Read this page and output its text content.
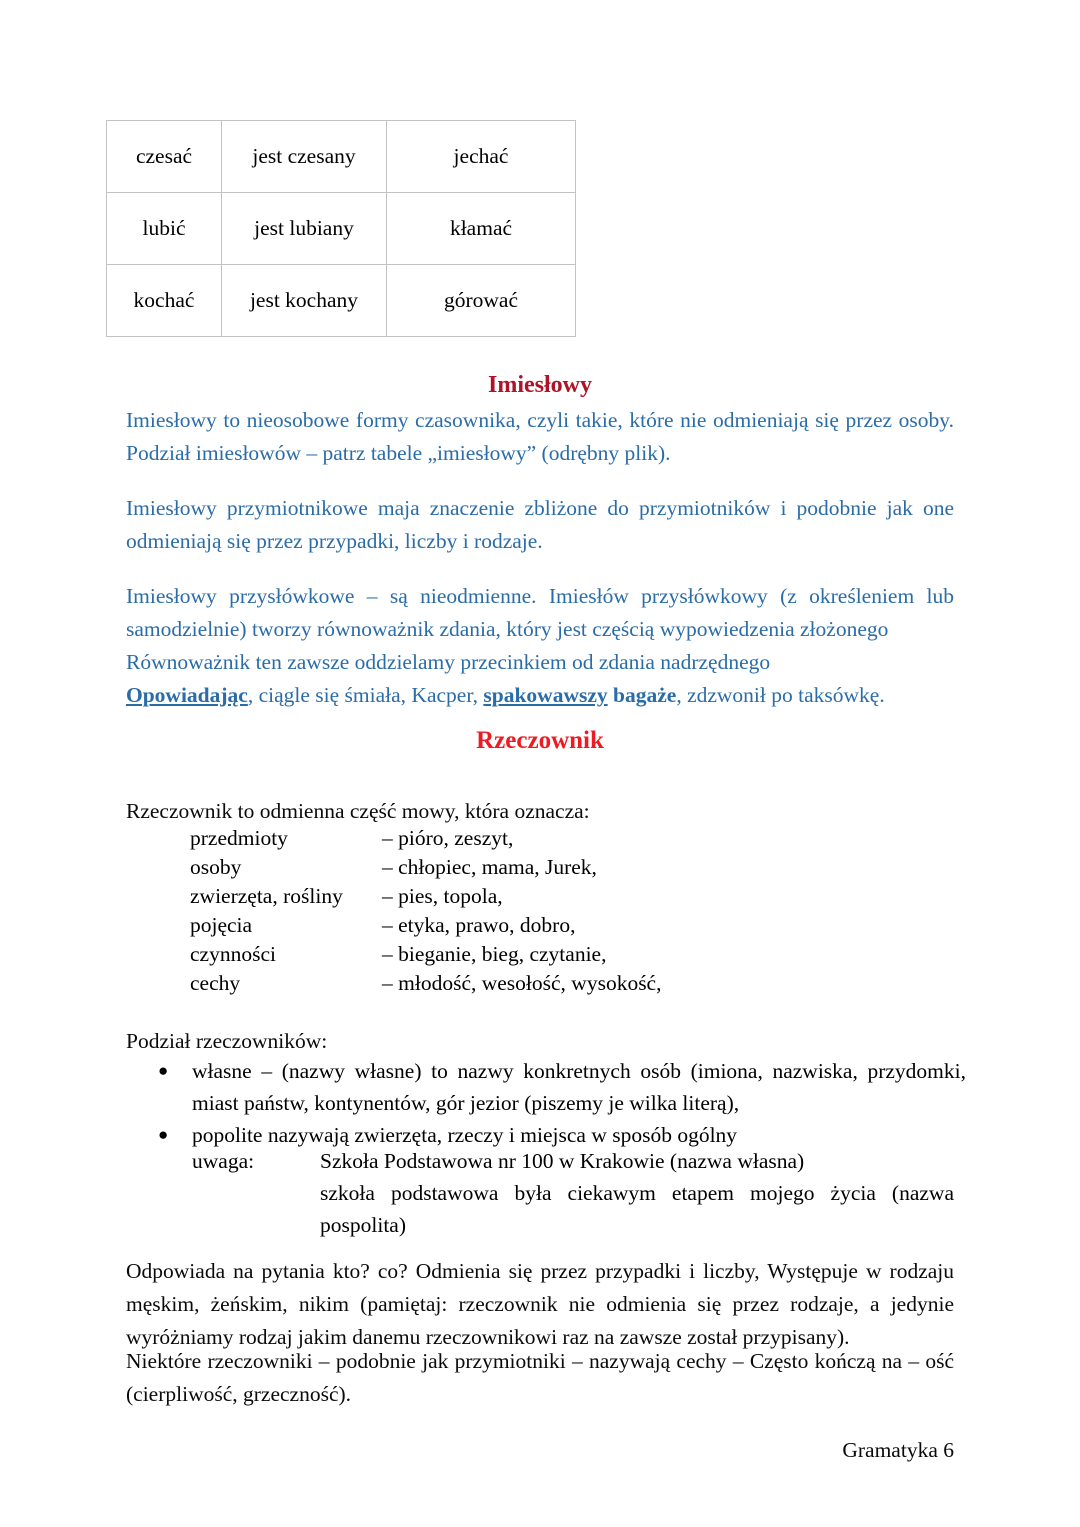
czesać	jest czesany	jechać
lubić	jest lubiany	kłamać
kochać	jest kochany	górować
Imiesłowy

Imiesłowy to nieosobowe formy czasownika, czyli takie, które nie odmieniają się przez osoby. Podział imiesłowów – patrz tabele „imiesłowy” (odrębny plik).

Imiesłowy przymiotnikowe maja znaczenie zbliżone do przymiotników i podobnie jak one odmieniają się przez przypadki, liczby i rodzaje.

Imiesłowy przysłówkowe – są nieodmienne. Imiesłów przysłówkowy (z określeniem lub samodzielnie) tworzy równoważnik zdania, który jest częścią wypowiedzenia złożonego

Równoważnik ten zawsze oddzielamy przecinkiem od zdania nadrzędnego

Opowiadając, ciągle się śmiała, Kacper, spakowawszy bagaże, zdzwonił po taksówkę.

Rzeczownik
Rzeczownik to odmienna część mowy, która oznacza:
przedmioty	– pióro, zeszyt,
osoby	– chłopiec, mama, Jurek,
zwierzęta, rośliny	– pies, topola,
pojęcia	– etyka, prawo, dobro,
czynności	– bieganie, bieg, czytanie,
cechy	– młodość, wesołość, wysokość,
Podział rzeczowników:
● własne – (nazwy własne) to nazwy konkretnych osób (imiona, nazwiska, przydomki, miast państw, kontynentów, gór jezior (piszemy je wilka literą),
● popolite nazywają zwierzęta, rzeczy i miejsca w sposób ogólny
uwaga:	Szkoła Podstawowa nr 100 w Krakowie (nazwa własna)
szkoła podstawowa była ciekawym etapem mojego życia (nazwa pospolita)

Odpowiada na pytania kto? co? Odmienia się przez przypadki i liczby, Występuje w rodzaju męskim, żeńskim, nikim (pamiętaj: rzeczownik nie odmienia się przez rodzaje, a jedynie wyróżniamy rodzaj jakim danemu rzeczownikowi raz na zawsze został przypisany).

Niektóre rzeczowniki – podobnie jak przymiotniki – nazywają cechy – Często kończą na – ość (cierpliwość, grzeczność).

Gramatyka 6
